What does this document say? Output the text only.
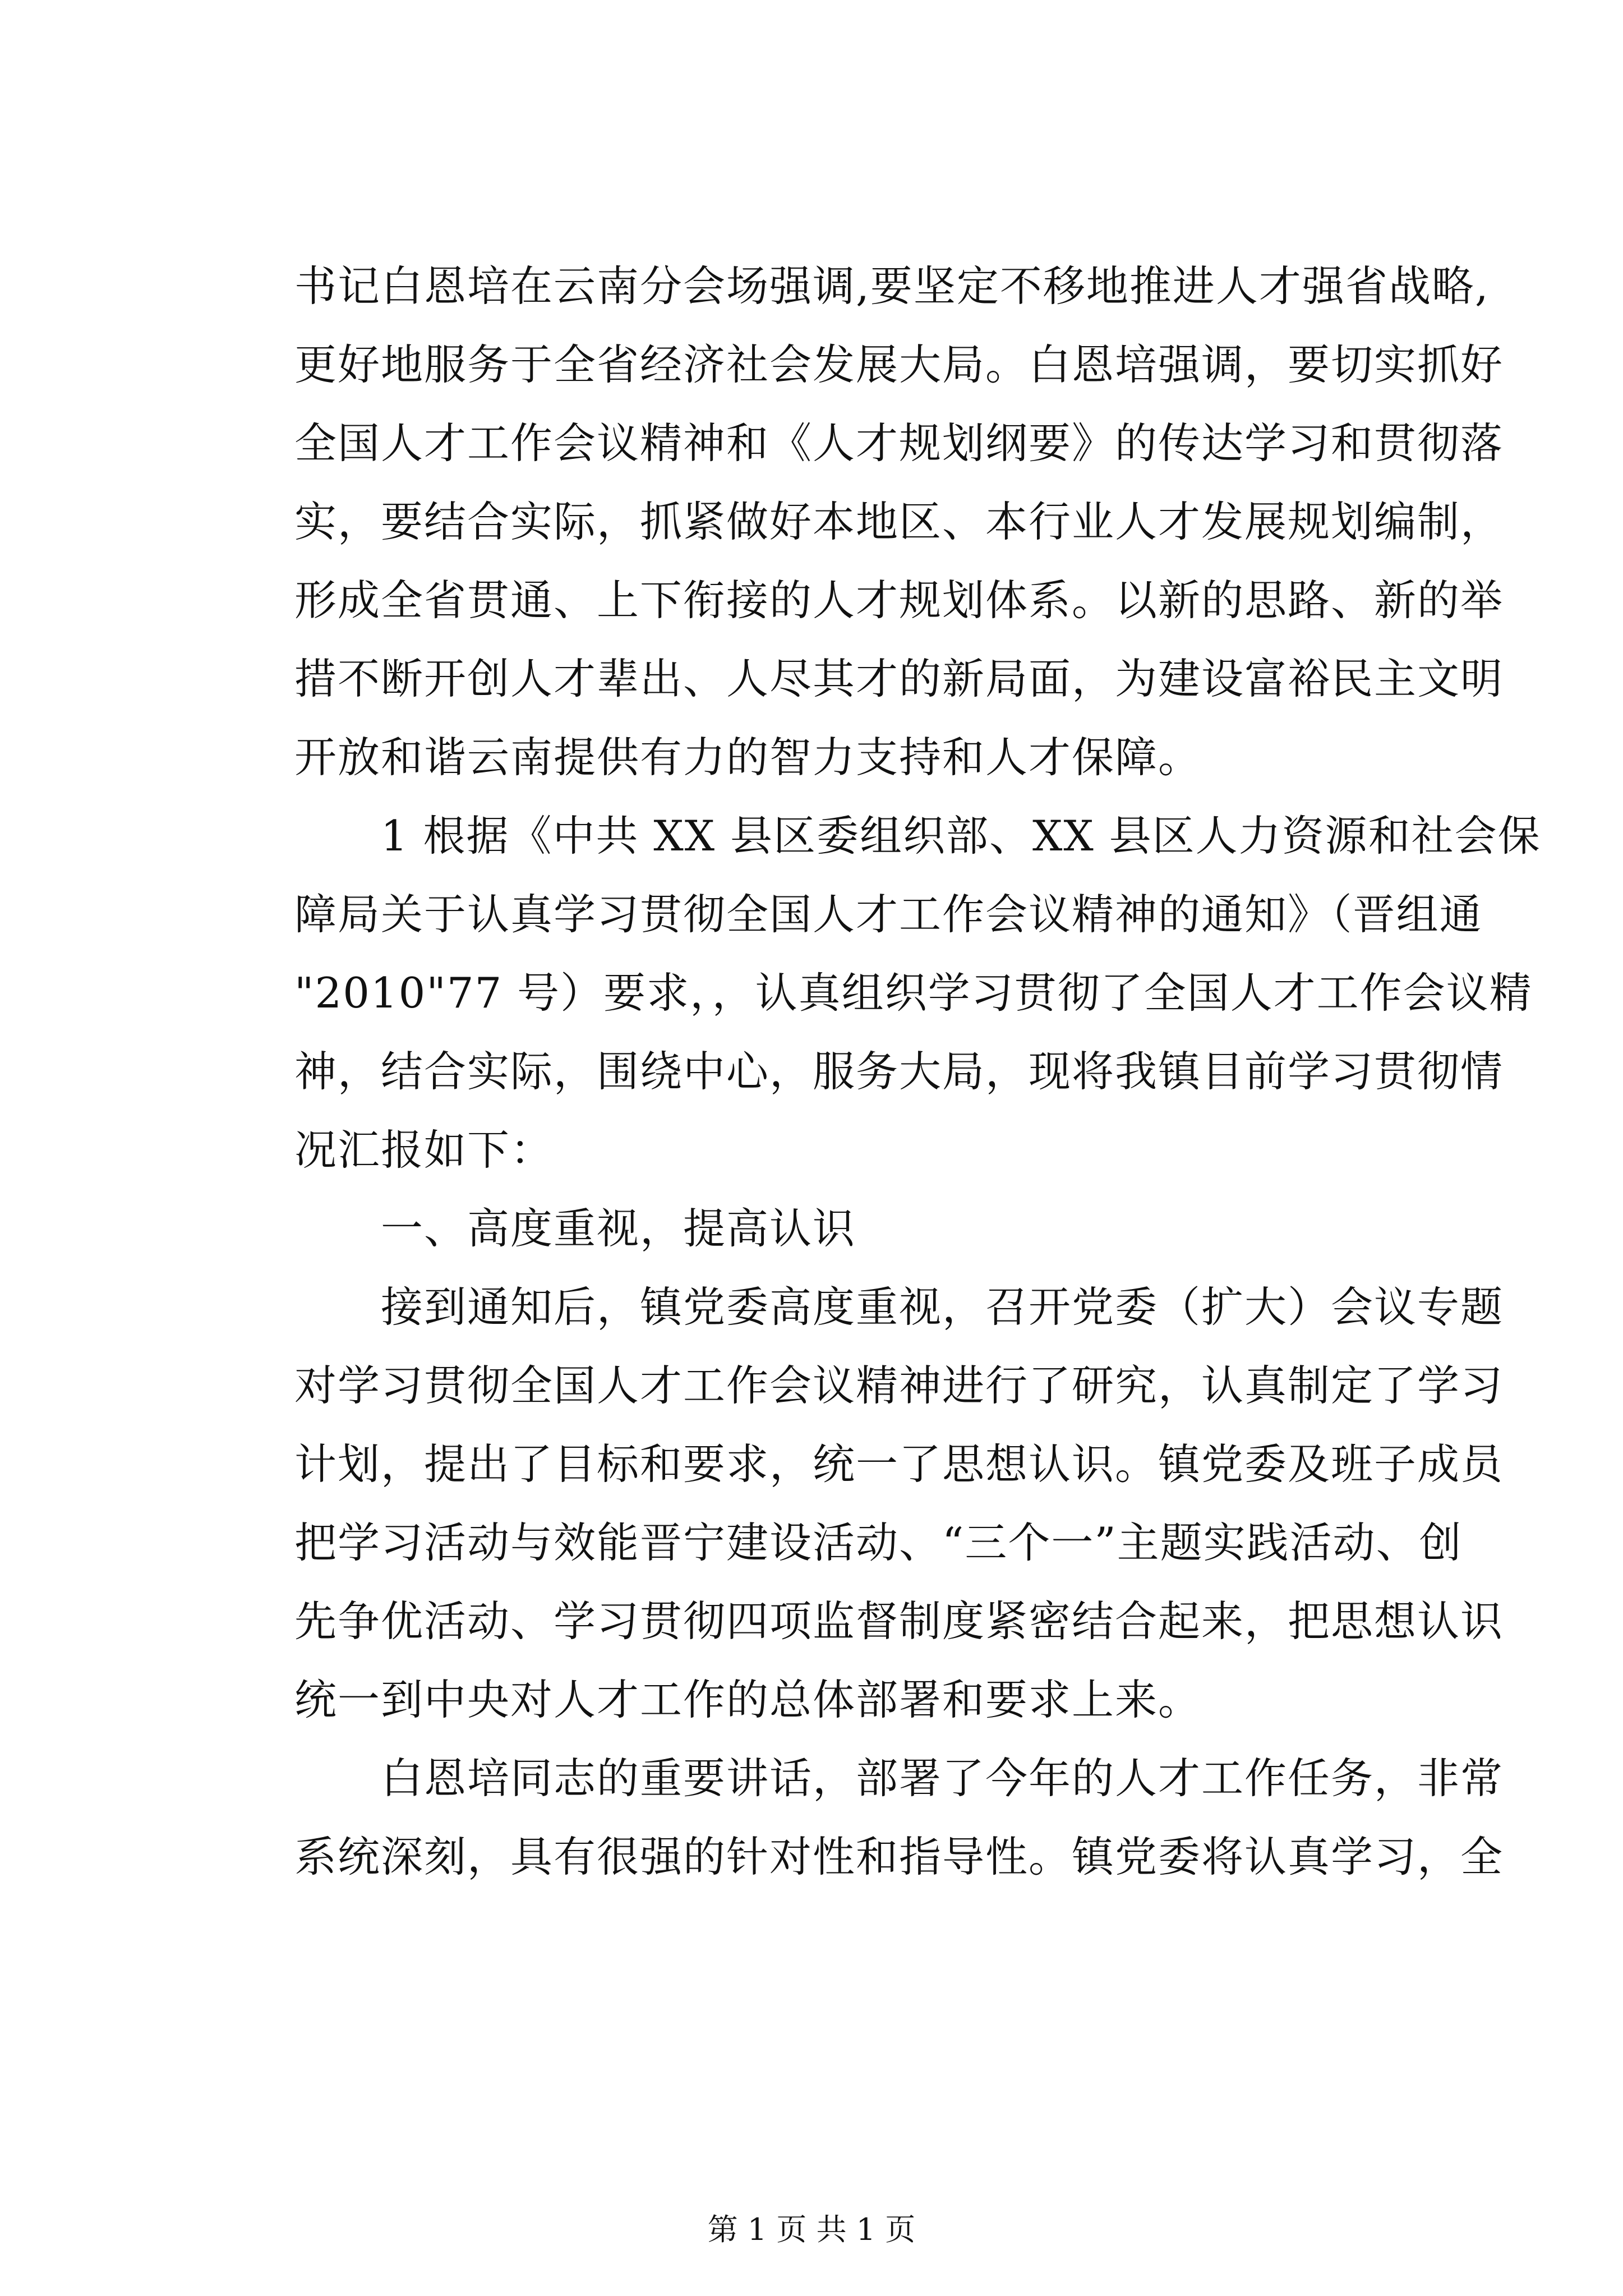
书记白恩培在云南分会场强调,要坚定不移地推进人才强省战略,
更好地服务于全省经济社会发展大局。白恩培强调，要切实抓好
全国人才工作会议精神和《人才规划纲要》的传达学习和贯彻落
实，要结合实际，抓紧做好本地区、本行业人才发展规划编制，
形成全省贯通、上下衔接的人才规划体系。以新的思路、新的举
措不断开创人才辈出、人尽其才的新局面，为建设富裕民主文明
开放和谐云南提供有力的智力支持和人才保障。
　　1 根据《中共 XX 县区委组织部、XX 县区人力资源和社会保
障局关于认真学习贯彻全国人才工作会议精神的通知》（晋组通
"2010"77 号）要求，，认真组织学习贯彻了全国人才工作会议精
神，结合实际，围绕中心，服务大局，现将我镇目前学习贯彻情
况汇报如下：
　　一、高度重视，提高认识
　　接到通知后，镇党委高度重视，召开党委（扩大）会议专题
对学习贯彻全国人才工作会议精神进行了研究，认真制定了学习
计划，提出了目标和要求，统一了思想认识。镇党委及班子成员
把学习活动与效能晋宁建设活动、“三个一”主题实践活动、创
先争优活动、学习贯彻四项监督制度紧密结合起来，把思想认识
统一到中央对人才工作的总体部署和要求上来。
　　白恩培同志的重要讲话，部署了今年的人才工作任务，非常
系统深刻，具有很强的针对性和指导性。镇党委将认真学习，全
第 1 页 共 1 页
